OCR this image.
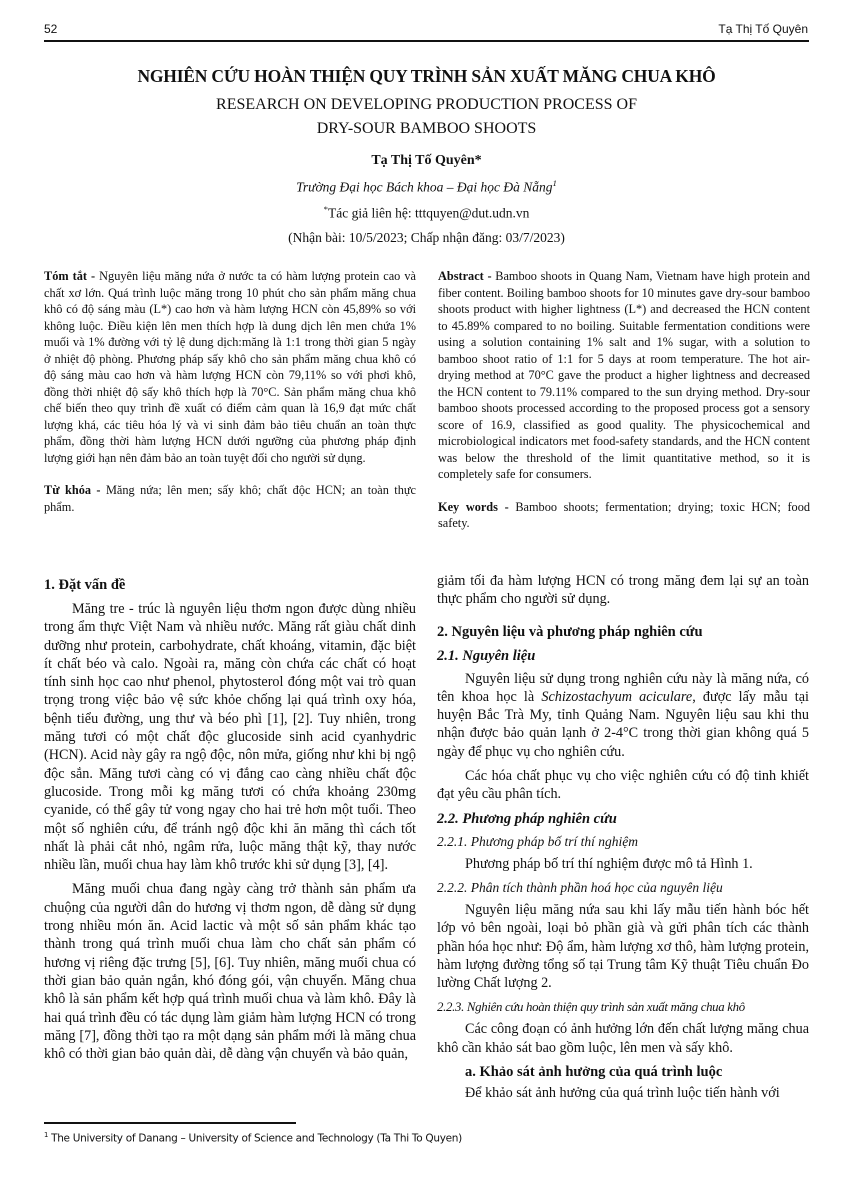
52	Tạ Thị Tố Quyên
NGHIÊN CỨU HOÀN THIỆN QUY TRÌNH SẢN XUẤT MĂNG CHUA KHÔ
RESEARCH ON DEVELOPING PRODUCTION PROCESS OF
DRY-SOUR BAMBOO SHOOTS
Tạ Thị Tố Quyên*
Trường Đại học Bách khoa – Đại học Đà Nẵng$^1$
*Tác giả liên hệ: tttquyen@dut.udn.vn
(Nhận bài: 10/5/2023; Chấp nhận đăng: 03/7/2023)

Tóm tắt - Nguyên liệu măng nứa ở nước ta có hàm lượng protein cao và chất xơ lớn. Quá trình luộc măng trong 10 phút cho sản phẩm măng chua khô có độ sáng màu (L*) cao hơn và hàm lượng HCN còn 45,89% so với không luộc. Điều kiện lên men thích hợp là dung dịch lên men chứa 1% muối và 1% đường với tỷ lệ dung dịch:măng là 1:1 trong thời gian 5 ngày ở nhiệt độ phòng. Phương pháp sấy khô cho sản phẩm măng chua khô có độ sáng màu cao hơn và hàm lượng HCN còn 79,11% so với phơi khô, đồng thời nhiệt độ sấy khô thích hợp là 70°C. Sản phẩm măng chua khô chế biến theo quy trình đề xuất có điểm cảm quan là 16,9 đạt mức chất lượng khá, các tiêu hóa lý và vi sinh đảm bảo tiêu chuẩn an toàn thực phẩm, đồng thời hàm lượng HCN dưới ngưỡng của phương pháp định lượng giới hạn nên đảm bảo an toàn tuyệt đối cho người sử dụng.

Từ khóa - Măng nứa; lên men; sấy khô; chất độc HCN; an toàn thực phẩm.

Abstract - Bamboo shoots in Quang Nam, Vietnam have high protein and fiber content. Boiling bamboo shoots for 10 minutes gave dry-sour bamboo shoots product with higher lightness (L*) and decreased the HCN content to 45.89% compared to no boiling. Suitable fermentation conditions were using a solution containing 1% salt and 1% sugar, with a solution to bamboo shoot ratio of 1:1 for 5 days at room temperature. The hot air-drying method at 70°C gave the product a higher lightness and decreased the HCN content to 79.11% compared to the sun drying method. Dry-sour bamboo shoots processed according to the proposed process got a sensory score of 16.9, classified as good quality. The physicochemical and microbiological indicators met food-safety standards, and the HCN content was below the threshold of the limit quantitative method, so it is completely safe for consumers.

Key words - Bamboo shoots; fermentation; drying; toxic HCN; food safety.

1. Đặt vấn đề

Măng tre - trúc là nguyên liệu thơm ngon được dùng nhiều trong ẩm thực Việt Nam và nhiều nước. Măng rất giàu chất dinh dưỡng như protein, carbohydrate, chất khoáng, vitamin, đặc biệt ít chất béo và calo. Ngoài ra, măng còn chứa các chất có hoạt tính sinh học cao như phenol, phytosterol đóng một vai trò quan trọng trong việc bảo vệ sức khỏe chống lại quá trình oxy hóa, bệnh tiểu đường, ung thư và béo phì [1], [2]. Tuy nhiên, trong măng tươi có một chất độc glucoside sinh acid cyanhydric (HCN). Acid này gây ra ngộ độc, nôn mửa, giống như khi bị ngộ độc sắn. Măng tươi càng có vị đắng cao càng nhiều chất độc glucoside. Trong mỗi kg măng tươi có chứa khoảng 230mg cyanide, có thể gây tử vong ngay cho hai trẻ hơn một tuổi. Theo một số nghiên cứu, để tránh ngộ độc khi ăn măng thì cách tốt nhất là phải cắt nhỏ, ngâm rửa, luộc măng thật kỹ, thay nước nhiều lần, muối chua hay làm khô trước khi sử dụng [3], [4].

Măng muối chua đang ngày càng trở thành sản phẩm ưa chuộng của người dân do hương vị thơm ngon, dễ dàng sử dụng trong nhiều món ăn. Acid lactic và một số sản phẩm khác tạo thành trong quá trình muối chua làm cho chất sản phẩm có hương vị riêng đặc trưng [5], [6]. Tuy nhiên, măng muối chua có thời gian bảo quản ngắn, khó đóng gói, vận chuyển. Măng chua khô là sản phẩm kết hợp quá trình muối chua và làm khô. Đây là hai quá trình đều có tác dụng làm giảm hàm lượng HCN có trong măng [7], đồng thời tạo ra một dạng sản phẩm mới là măng chua khô có thời gian bảo quản dài, dễ dàng vận chuyển và bảo quản,

giảm tối đa hàm lượng HCN có trong măng đem lại sự an toàn thực phẩm cho người sử dụng.

2. Nguyên liệu và phương pháp nghiên cứu
2.1. Nguyên liệu

Nguyên liệu sử dụng trong nghiên cứu này là măng nứa, có tên khoa học là Schizostachyum aciculare, được lấy mẫu tại huyện Bắc Trà My, tỉnh Quảng Nam. Nguyên liệu sau khi thu nhận được bảo quản lạnh ở 2-4°C trong thời gian không quá 5 ngày để phục vụ cho nghiên cứu.

Các hóa chất phục vụ cho việc nghiên cứu có độ tinh khiết đạt yêu cầu phân tích.

2.2. Phương pháp nghiên cứu
2.2.1. Phương pháp bố trí thí nghiệm

Phương pháp bố trí thí nghiệm được mô tả Hình 1.

2.2.2. Phân tích thành phần hoá học của nguyên liệu

Nguyên liệu măng nứa sau khi lấy mẫu tiến hành bóc hết lớp vỏ bên ngoài, loại bỏ phần già và gửi phân tích các thành phần hóa học như: Độ ẩm, hàm lượng xơ thô, hàm lượng protein, hàm lượng đường tổng số tại Trung tâm Kỹ thuật Tiêu chuẩn Đo lường Chất lượng 2.

2.2.3. Nghiên cứu hoàn thiện quy trình sản xuất măng chua khô

Các công đoạn có ảnh hưởng lớn đến chất lượng măng chua khô cần khảo sát bao gồm luộc, lên men và sấy khô.

a. Khảo sát ảnh hưởng của quá trình luộc

Để khảo sát ảnh hưởng của quá trình luộc tiến hành với

$^1$ The University of Danang – University of Science and Technology (Ta Thi To Quyen)
